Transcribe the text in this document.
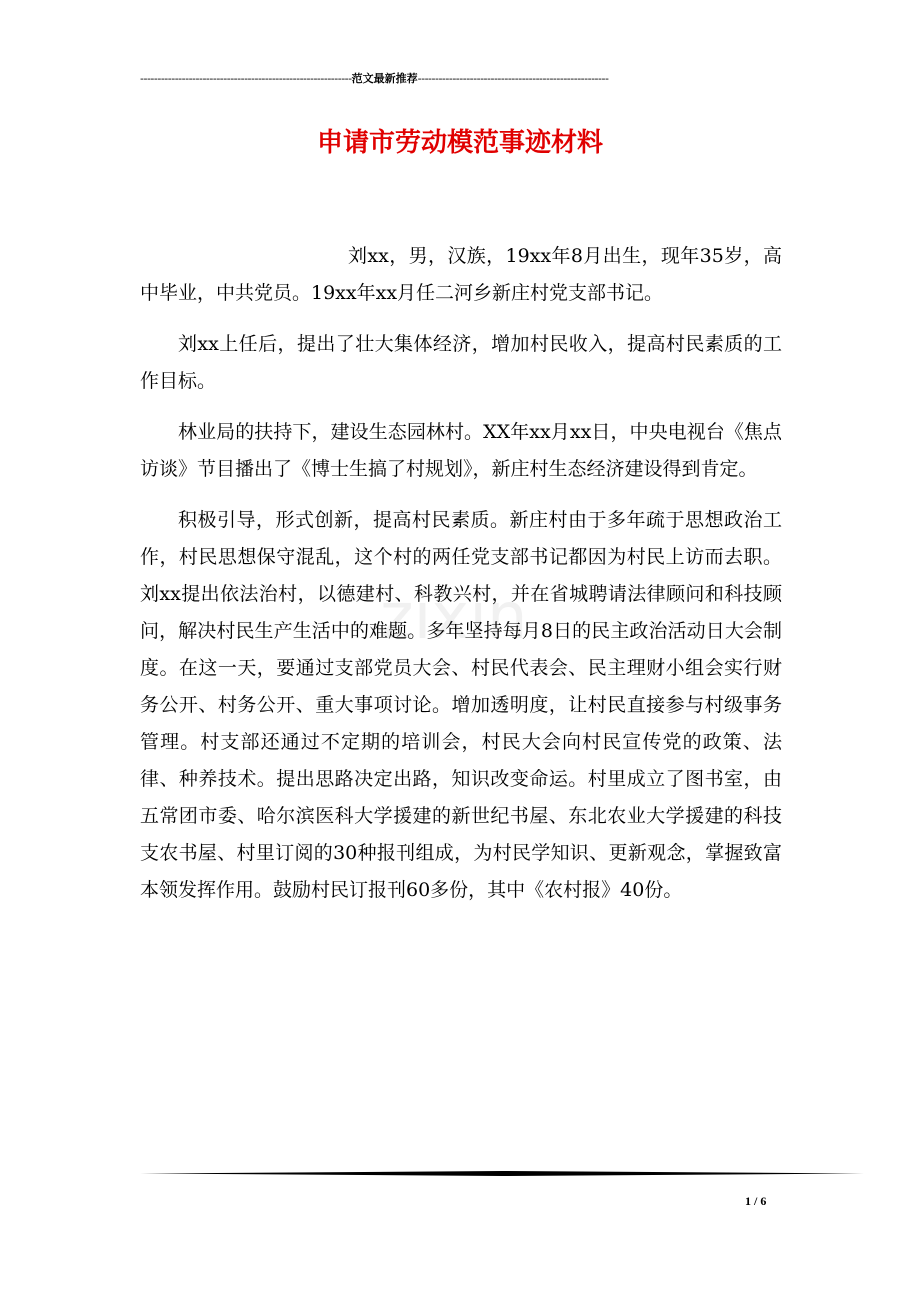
-------------------------------------------------------------范文最新推荐-------------------------------------------------------
申请市劳动模范事迹材料
zixin

刘xx，男，汉族，19xx年8月出生，现年35岁，高中毕业，中共党员。19xx年xx月任二河乡新庄村党支部书记。

刘xx上任后，提出了壮大集体经济，增加村民收入，提高村民素质的工作目标。

林业局的扶持下，建设生态园林村。XX年xx月xx日，中央电视台《焦点访谈》节目播出了《博士生搞了村规划》，新庄村生态经济建设得到肯定。

积极引导，形式创新，提高村民素质。新庄村由于多年疏于思想政治工作，村民思想保守混乱，这个村的两任党支部书记都因为村民上访而去职。刘xx提出依法治村，以德建村、科教兴村，并在省城聘请法律顾问和科技顾问，解决村民生产生活中的难题。多年坚持每月8日的民主政治活动日大会制度。在这一天，要通过支部党员大会、村民代表会、民主理财小组会实行财务公开、村务公开、重大事项讨论。增加透明度，让村民直接参与村级事务管理。村支部还通过不定期的培训会，村民大会向村民宣传党的政策、法律、种养技术。提出思路决定出路，知识改变命运。村里成立了图书室，由五常团市委、哈尔滨医科大学援建的新世纪书屋、东北农业大学援建的科技支农书屋、村里订阅的30种报刊组成，为村民学知识、更新观念，掌握致富本领发挥作用。鼓励村民订报刊60多份，其中《农村报》40份。

1 / 6
